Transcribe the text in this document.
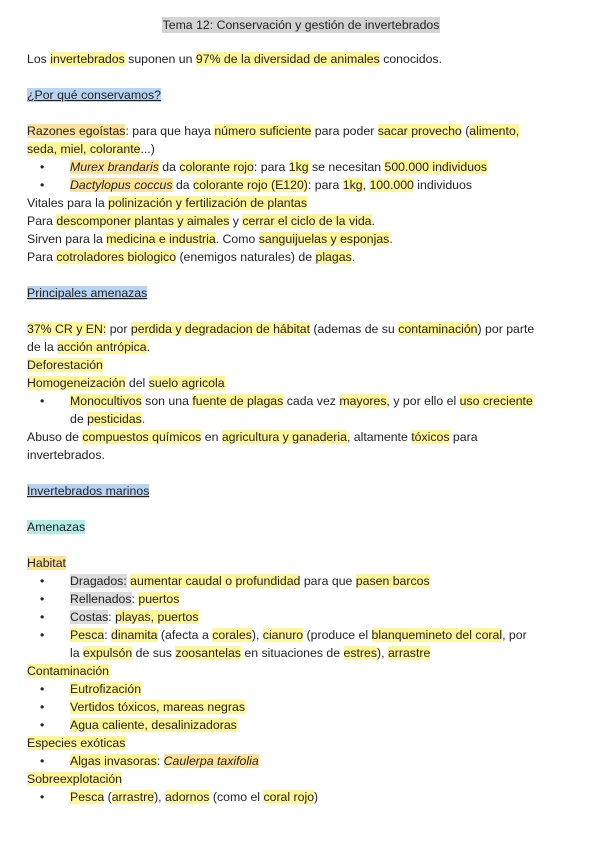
Tema 12: Conservación y gestión de invertebrados
Los invertebrados suponen un 97% de la diversidad de animales conocidos.
¿Por qué conservamos?
Razones egoístas: para que haya número suficiente para poder sacar provecho (alimento,
seda, miel, colorante...)
• Murex brandaris da colorante rojo: para 1kg se necesitan 500.000 individuos
• Dactylopus coccus da colorante rojo (E120): para 1kg, 100.000 individuos
Vitales para la polinización y fertilización de plantas
Para descomponer plantas y aimales y cerrar el ciclo de la vida.
Sirven para la medicina e industria. Como sanguijuelas y esponjas.
Para cotroladores biologico (enemigos naturales) de plagas.
Principales amenazas
37% CR y EN: por perdida y degradacion de hábitat (ademas de su contaminación) por parte
de la acción antrópica.
Deforestación
Homogeneización del suelo agricola
• Monocultivos son una fuente de plagas cada vez mayores, y por ello el uso creciente
de pesticidas.
Abuso de compuestos químicos en agricultura y ganaderia, altamente tóxicos para
invertebrados.
Invertebrados marinos
Amenazas
Habitat
• Dragados: aumentar caudal o profundidad para que pasen barcos
• Rellenados: puertos
• Costas: playas, puertos
• Pesca: dinamita (afecta a corales), cianuro (produce el blanquemineto del coral, por
la expulsón de sus zoosantelas en situaciones de estres), arrastre
Contaminación
• Eutrofización
• Vertidos tóxicos, mareas negras
• Agua caliente, desalinizadoras
Especies exóticas
• Algas invasoras: Caulerpa taxifolia
Sobreexplotación
• Pesca (arrastre), adornos (como el coral rojo)
